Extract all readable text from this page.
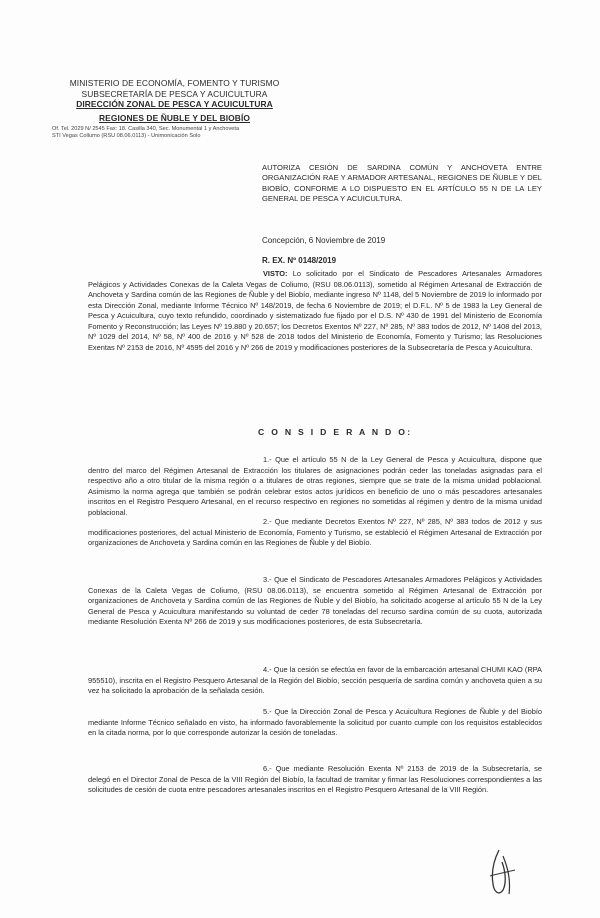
MINISTERIO DE ECONOMÍA, FOMENTO Y TURISMO
SUBSECRETARÍA DE PESCA Y ACUICULTURA
DIRECCIÓN ZONAL DE PESCA Y ACUICULTURA
REGIONES DE ÑUBLE Y DEL BIOBÍO
Of. Tel. 2029 N/ 2545 Fax: 18. Casilla 340, Sec. Monumental 1 y Anchoveta
STI Vegas Collumo (RSU 08.06.0113) - Unimonicación Solo
AUTORIZA CESIÓN DE SARDINA COMÚN Y ANCHOVETA ENTRE ORGANIZACIÓN RAE Y ARMADOR ARTESANAL, REGIONES DE ÑUBLE Y DEL BIOBÍO, CONFORME A LO DISPUESTO EN EL ARTÍCULO 55 N DE LA LEY GENERAL DE PESCA Y ACUICULTURA.
Concepción, 6 Noviembre de 2019
R. EX. Nº 0148/2019
VISTO: Lo solicitado por el Sindicato de Pescadores Artesanales Armadores Pelágicos y Actividades Conexas de la Caleta Vegas de Coliumo, (RSU 08.06.0113), sometido al Régimen Artesanal de Extracción de Anchoveta y Sardina común de las Regiones de Ñuble y del Biobío, mediante ingreso Nº 1148, del 5 Noviembre de 2019 lo informado por esta Dirección Zonal, mediante Informe Técnico Nº 148/2019, de fecha 6 Noviembre de 2019; el D.F.L. Nº 5 de 1983 la Ley General de Pesca y Acuicultura, cuyo texto refundido, coordinado y sistematizado fue fijado por el D.S. Nº 430 de 1991 del Ministerio de Economía Fomento y Reconstrucción; las Leyes Nº 19.880 y 20.657; los Decretos Exentos Nº 227, Nº 285, Nº 383 todos de 2012, Nº 1408 del 2013, Nº 1029 del 2014, Nº 58, Nº 400 de 2016 y Nº 528 de 2018 todos del Ministerio de Economía, Fomento y Turismo; las Resoluciones Exentas Nº 2153 de 2016, Nº 4595 del 2016 y Nº 266 de 2019 y modificaciones posteriores de la Subsecretaría de Pesca y Acuicultura.
C O N S I D E R A N D O:
1.- Que el artículo 55 N de la Ley General de Pesca y Acuicultura, dispone que dentro del marco del Régimen Artesanal de Extracción los titulares de asignaciones podrán ceder las toneladas asignadas para el respectivo año a otro titular de la misma región o a titulares de otras regiones, siempre que se trate de la misma unidad poblacional. Asimismo la norma agrega que también se podrán celebrar estos actos jurídicos en beneficio de uno o más pescadores artesanales inscritos en el Registro Pesquero Artesanal, en el recurso respectivo en regiones no sometidas al régimen y dentro de la misma unidad poblacional.
2.- Que mediante Decretos Exentos Nº 227, Nº 285, Nº 383 todos de 2012 y sus modificaciones posteriores, del actual Ministerio de Economía, Fomento y Turismo, se estableció el Régimen Artesanal de Extracción por organizaciones de Anchoveta y Sardina común en las Regiones de Ñuble y del Biobío.
3.- Que el Sindicato de Pescadores Artesanales Armadores Pelágicos y Actividades Conexas de la Caleta Vegas de Coliumo, (RSU 08.06.0113), se encuentra sometido al Régimen Artesanal de Extracción por organizaciones de Anchoveta y Sardina común de las Regiones de Ñuble y del Biobío, ha solicitado acogerse al artículo 55 N de la Ley General de Pesca y Acuicultura manifestando su voluntad de ceder 78 toneladas del recurso sardina común de su cuota, autorizada mediante Resolución Exenta Nº 266 de 2019 y sus modificaciones posteriores, de esta Subsecretaría.
4.- Que la cesión se efectúa en favor de la embarcación artesanal CHUMI KAO (RPA 955510), inscrita en el Registro Pesquero Artesanal de la Región del Biobío, sección pesquería de sardina común y anchoveta quien a su vez ha solicitado la aprobación de la señalada cesión.
5.- Que la Dirección Zonal de Pesca y Acuicultura Regiones de Ñuble y del Biobío mediante Informe Técnico señalado en visto, ha informado favorablemente la solicitud por cuanto cumple con los requisitos establecidos en la citada norma, por lo que corresponde autorizar la cesión de toneladas.
6.- Que mediante Resolución Exenta Nº 2153 de 2019 de la Subsecretaría, se delegó en el Director Zonal de Pesca de la VIII Región del Biobío, la facultad de tramitar y firmar las Resoluciones correspondientes a las solicitudes de cesión de cuota entre pescadores artesanales inscritos en el Registro Pesquero Artesanal de la VIII Región.
